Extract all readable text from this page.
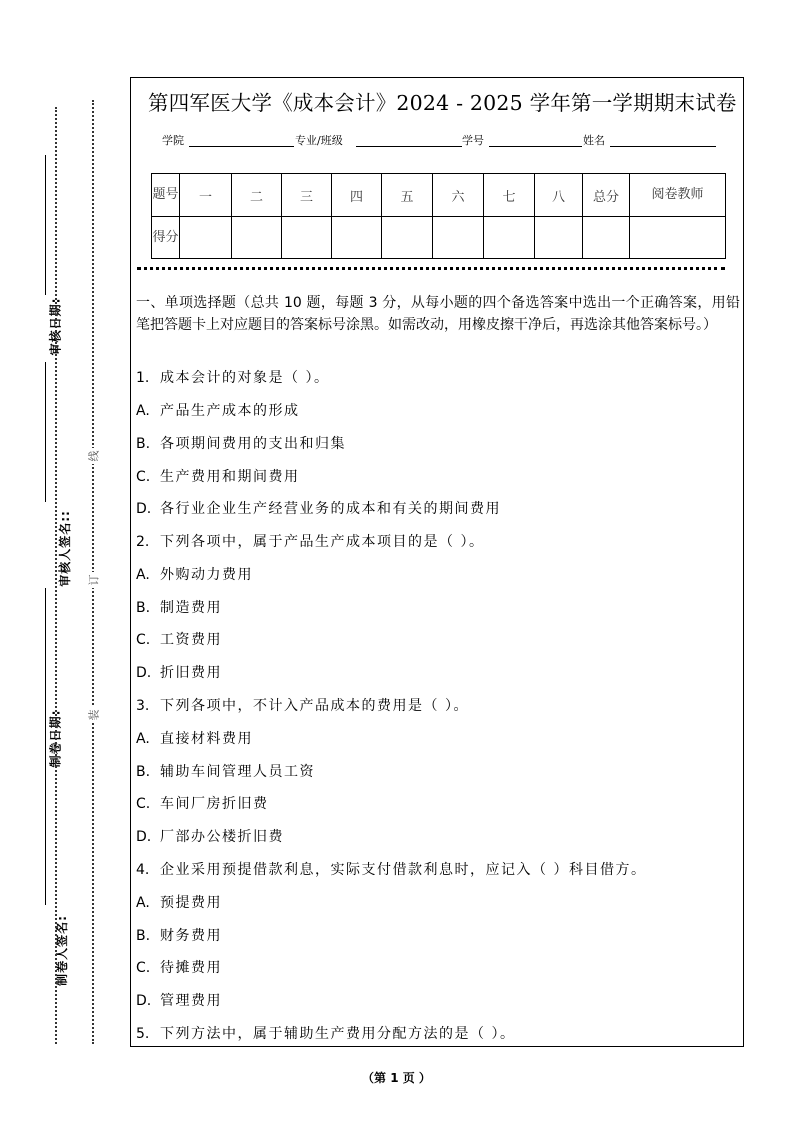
审核日期:
审核人签名::
制卷日期:
制卷人签名:
线
订
装
第四军医大学《成本会计》2024 - 2025 学年第一学期期末试卷
学院	专业/班级	学号	姓名
题号	一	二	三	四	五	六	七	八	总分	阅卷教师
得分										
一、单项选择题（总共 10 题，每题 3 分，从每小题的四个备选答案中选出一个正确答案，用铅笔把答题卡上对应题目的答案标号涂黑。如需改动，用橡皮擦干净后，再选涂其他答案标号。）
1. 成本会计的对象是（ ）。
A. 产品生产成本的形成
B. 各项期间费用的支出和归集
C. 生产费用和期间费用
D. 各行业企业生产经营业务的成本和有关的期间费用
2. 下列各项中，属于产品生产成本项目的是（ ）。
A. 外购动力费用
B. 制造费用
C. 工资费用
D. 折旧费用
3. 下列各项中，不计入产品成本的费用是（ ）。
A. 直接材料费用
B. 辅助车间管理人员工资
C. 车间厂房折旧费
D. 厂部办公楼折旧费
4. 企业采用预提借款利息，实际支付借款利息时，应记入（ ）科目借方。
A. 预提费用
B. 财务费用
C. 待摊费用
D. 管理费用
5. 下列方法中，属于辅助生产费用分配方法的是（ ）。
（第 1 页 ）
